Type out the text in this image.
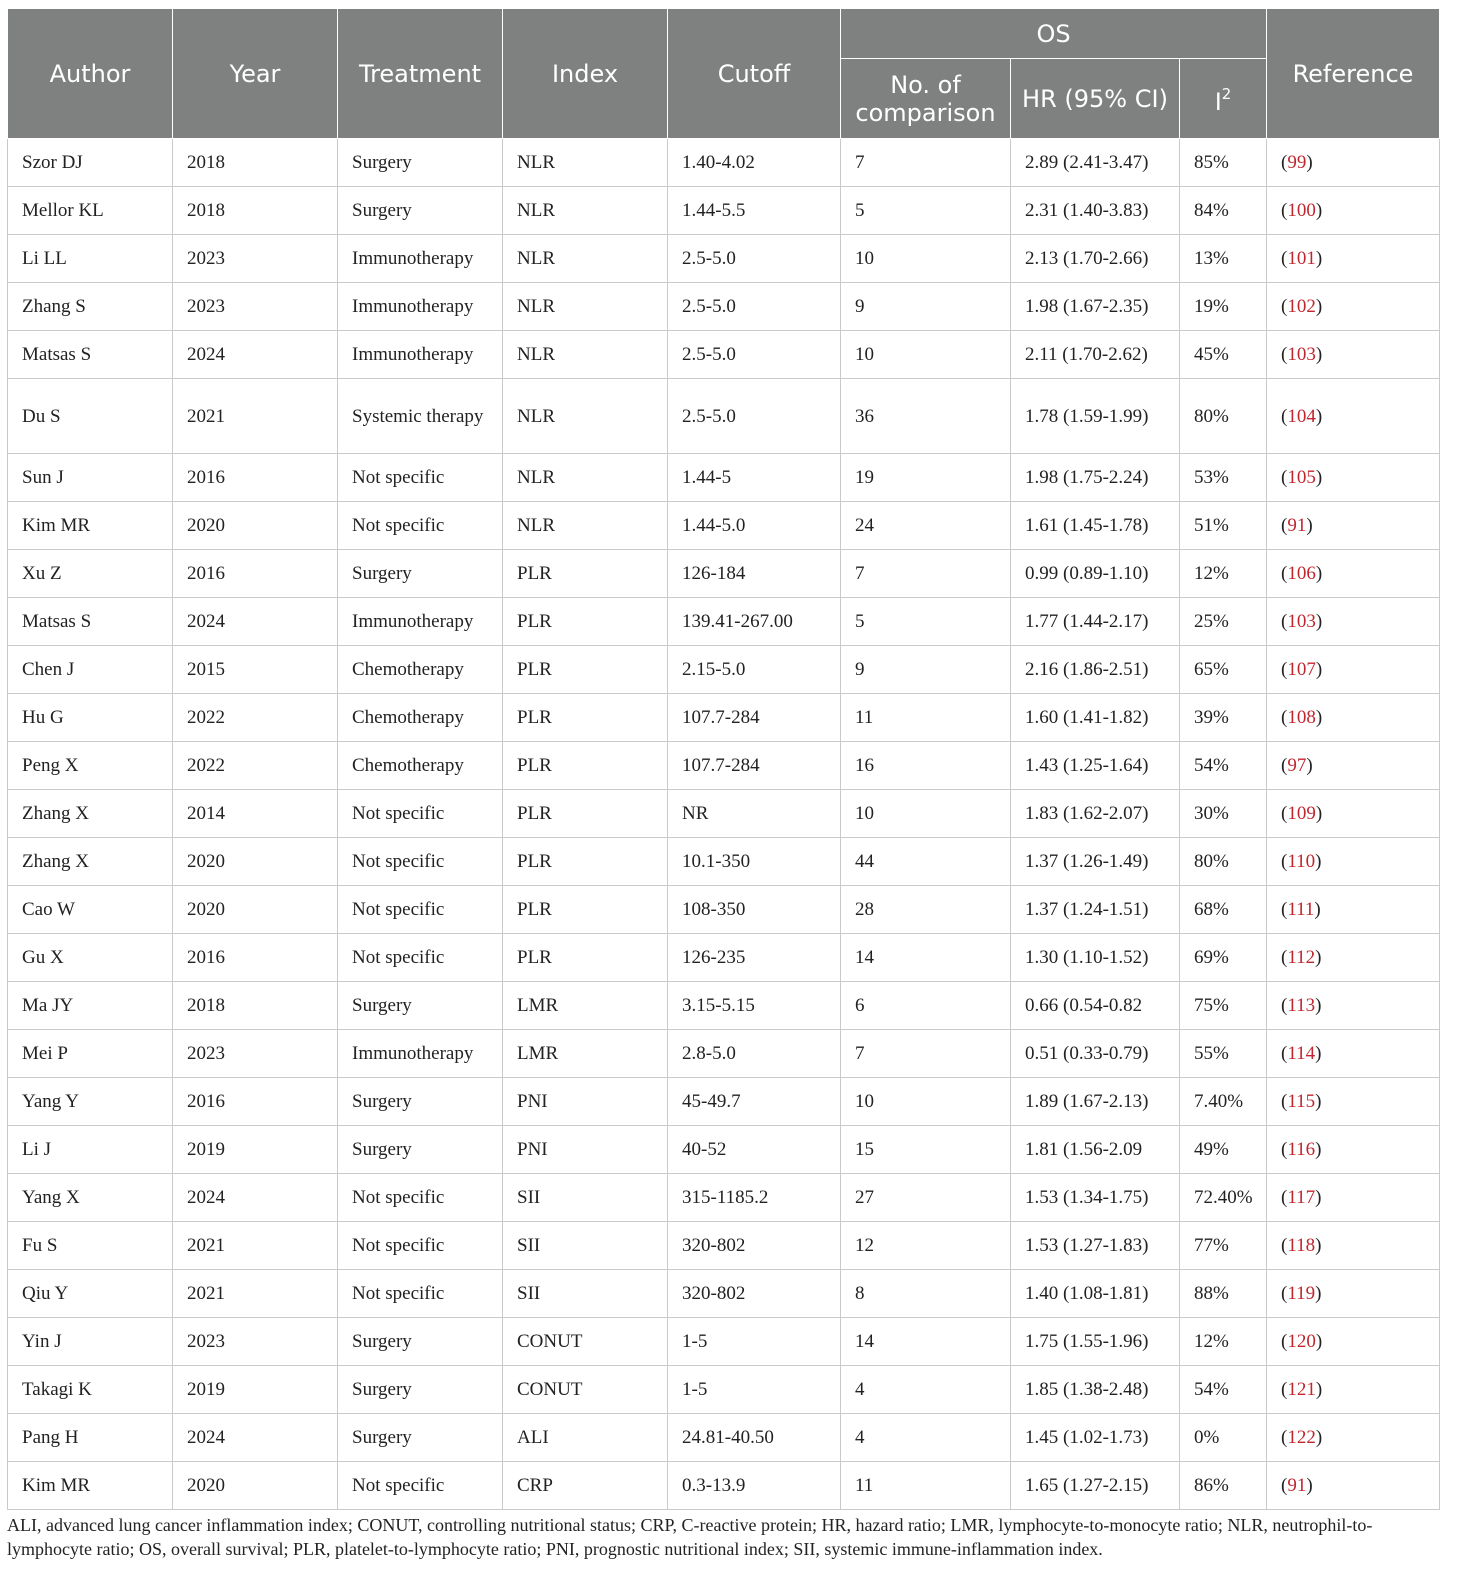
Author	Year	Treatment	Index	Cutoff	OS			Reference
					No. of comparison	HR (95% CI)	$I^2$
Szor DJ	2018	Surgery	NLR	1.40-4.02	7	2.89 (2.41-3.47)	85%	(99)
Mellor KL	2018	Surgery	NLR	1.44-5.5	5	2.31 (1.40-3.83)	84%	(100)
Li LL	2023	Immunotherapy	NLR	2.5-5.0	10	2.13 (1.70-2.66)	13%	(101)
Zhang S	2023	Immunotherapy	NLR	2.5-5.0	9	1.98 (1.67-2.35)	19%	(102)
Matsas S	2024	Immunotherapy	NLR	2.5-5.0	10	2.11 (1.70-2.62)	45%	(103)
Du S	2021	Systemic therapy	NLR	2.5-5.0	36	1.78 (1.59-1.99)	80%	(104)
Sun J	2016	Not specific	NLR	1.44-5	19	1.98 (1.75-2.24)	53%	(105)
Kim MR	2020	Not specific	NLR	1.44-5.0	24	1.61 (1.45-1.78)	51%	(91)
Xu Z	2016	Surgery	PLR	126-184	7	0.99 (0.89-1.10)	12%	(106)
Matsas S	2024	Immunotherapy	PLR	139.41-267.00	5	1.77 (1.44-2.17)	25%	(103)
Chen J	2015	Chemotherapy	PLR	2.15-5.0	9	2.16 (1.86-2.51)	65%	(107)
Hu G	2022	Chemotherapy	PLR	107.7-284	11	1.60 (1.41-1.82)	39%	(108)
Peng X	2022	Chemotherapy	PLR	107.7-284	16	1.43 (1.25-1.64)	54%	(97)
Zhang X	2014	Not specific	PLR	NR	10	1.83 (1.62-2.07)	30%	(109)
Zhang X	2020	Not specific	PLR	10.1-350	44	1.37 (1.26-1.49)	80%	(110)
Cao W	2020	Not specific	PLR	108-350	28	1.37 (1.24-1.51)	68%	(111)
Gu X	2016	Not specific	PLR	126-235	14	1.30 (1.10-1.52)	69%	(112)
Ma JY	2018	Surgery	LMR	3.15-5.15	6	0.66 (0.54-0.82	75%	(113)
Mei P	2023	Immunotherapy	LMR	2.8-5.0	7	0.51 (0.33-0.79)	55%	(114)
Yang Y	2016	Surgery	PNI	45-49.7	10	1.89 (1.67-2.13)	7.40%	(115)
Li J	2019	Surgery	PNI	40-52	15	1.81 (1.56-2.09	49%	(116)
Yang X	2024	Not specific	SII	315-1185.2	27	1.53 (1.34-1.75)	72.40%	(117)
Fu S	2021	Not specific	SII	320-802	12	1.53 (1.27-1.83)	77%	(118)
Qiu Y	2021	Not specific	SII	320-802	8	1.40 (1.08-1.81)	88%	(119)
Yin J	2023	Surgery	CONUT	1-5	14	1.75 (1.55-1.96)	12%	(120)
Takagi K	2019	Surgery	CONUT	1-5	4	1.85 (1.38-2.48)	54%	(121)
Pang H	2024	Surgery	ALI	24.81-40.50	4	1.45 (1.02-1.73)	0%	(122)
Kim MR	2020	Not specific	CRP	0.3-13.9	11	1.65 (1.27-2.15)	86%	(91)
ALI, advanced lung cancer inflammation index; CONUT, controlling nutritional status; CRP, C-reactive protein; HR, hazard ratio; LMR, lymphocyte-to-monocyte ratio; NLR, neutrophil-to-lymphocyte ratio; OS, overall survival; PLR, platelet-to-lymphocyte ratio; PNI, prognostic nutritional index; SII, systemic immune-inflammation index.
